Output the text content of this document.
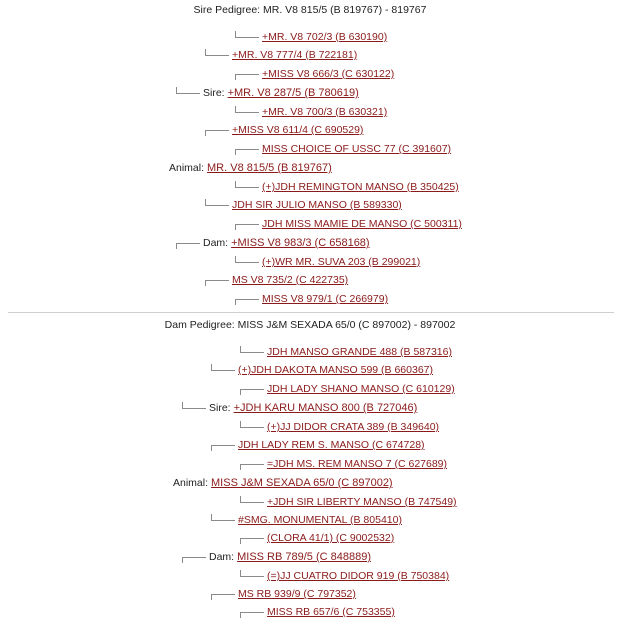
Sire Pedigree: MR. V8 815/5 (B 819767) - 819767
+MR. V8 702/3 (B 630190)
+MR. V8 777/4 (B 722181)
+MISS V8 666/3 (C 630122)
Sire: +MR. V8 287/5 (B 780619)
+MR. V8 700/3 (B 630321)
+MISS V8 611/4 (C 690529)
MISS CHOICE OF USSC 77 (C 391607)
Animal: MR. V8 815/5 (B 819767)
(+)JDH REMINGTON MANSO (B 350425)
JDH SIR JULIO MANSO (B 589330)
JDH MISS MAMIE DE MANSO (C 500311)
Dam: +MISS V8 983/3 (C 658168)
(+)WR MR. SUVA 203 (B 299021)
MS V8 735/2 (C 422735)
MISS V8 979/1 (C 266979)
Dam Pedigree: MISS J&M SEXADA 65/0 (C 897002) - 897002
JDH MANSO GRANDE 488 (B 587316)
(+)JDH DAKOTA MANSO 599 (B 660367)
JDH LADY SHANO MANSO (C 610129)
Sire: +JDH KARU MANSO 800 (B 727046)
(+)JJ DIDOR CRATA 389 (B 349640)
JDH LADY REM S. MANSO (C 674728)
=JDH MS. REM MANSO 7 (C 627689)
Animal: MISS J&M SEXADA 65/0 (C 897002)
+JDH SIR LIBERTY MANSO (B 747549)
#SMG. MONUMENTAL (B 805410)
(CLORA 41/1) (C 9002532)
Dam: MISS RB 789/5 (C 848889)
(=)JJ CUATRO DIDOR 919 (B 750384)
MS RB 939/9 (C 797352)
MISS RB 657/6 (C 753355)
